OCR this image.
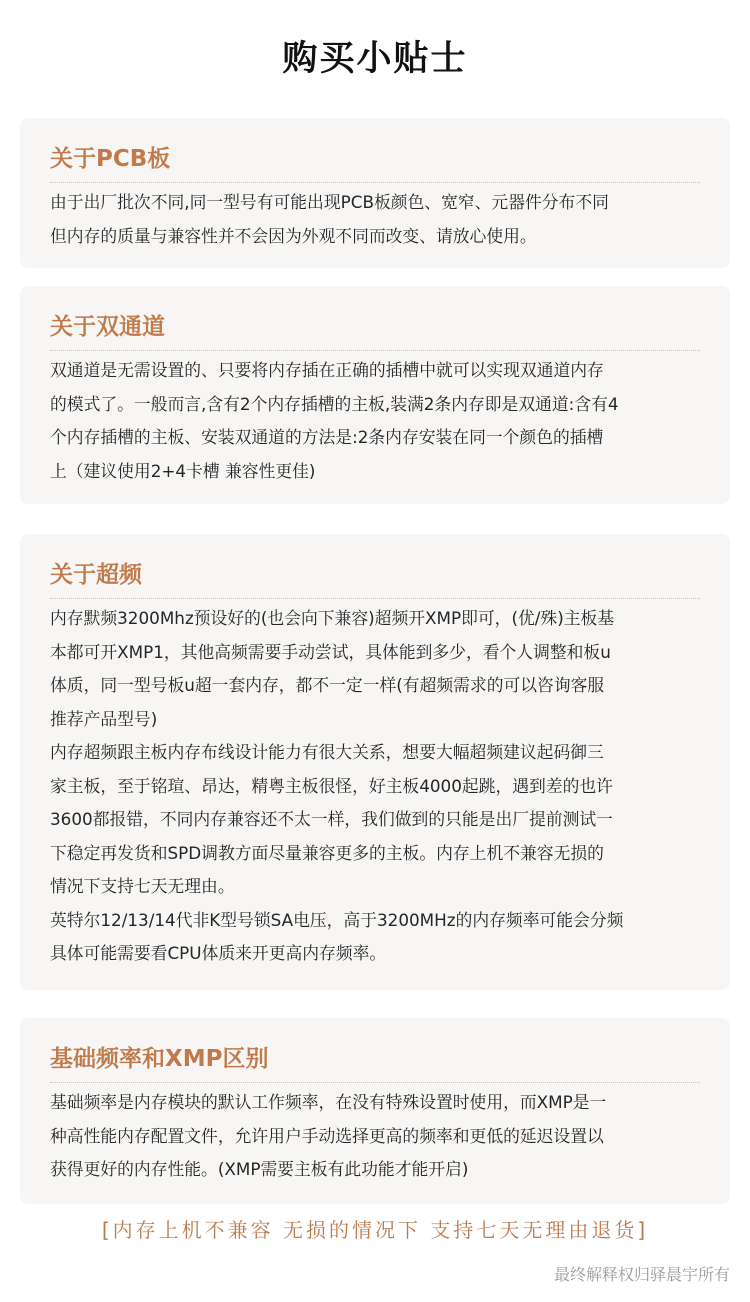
购买小贴士
关于PCB板
由于出厂批次不同,同一型号有可能出现PCB板颜色、宽窄、元器件分布不同
但内存的质量与兼容性并不会因为外观不同而改变、请放心使用。
关于双通道
双通道是无需设置的、只要将内存插在正确的插槽中就可以实现双通道内存
的模式了。一般而言,含有2个内存插槽的主板,装满2条内存即是双通道:含有4
个内存插槽的主板、安装双通道的方法是:2条内存安装在同一个颜色的插槽
上（建议使用2+4卡槽 兼容性更佳)
关于超频
内存默频3200Mhz预设好的(也会向下兼容)超频开XMP即可，(优/殊)主板基
本都可开XMP1，其他高频需要手动尝试，具体能到多少，看个人调整和板u
体质，同一型号板u超一套内存，都不一定一样(有超频需求的可以咨询客服
推荐产品型号)
内存超频跟主板内存布线设计能力有很大关系，想要大幅超频建议起码御三
家主板，至于铭瑄、昂达，精粤主板很怪，好主板4000起跳，遇到差的也许
3600都报错，不同内存兼容还不太一样，我们做到的只能是出厂提前测试一
下稳定再发货和SPD调教方面尽量兼容更多的主板。内存上机不兼容无损的
情况下支持七天无理由。
英特尔12/13/14代非K型号锁SA电压，高于3200MHz的内存频率可能会分频
具体可能需要看CPU体质来开更高内存频率。
基础频率和XMP区别
基础频率是内存模块的默认工作频率，在没有特殊设置时使用，而XMP是一
种高性能内存配置文件，允许用户手动选择更高的频率和更低的延迟设置以
获得更好的内存性能。(XMP需要主板有此功能才能开启)
[内存上机不兼容 无损的情况下 支持七天无理由退货]
最终解释权归驿晨宇所有
